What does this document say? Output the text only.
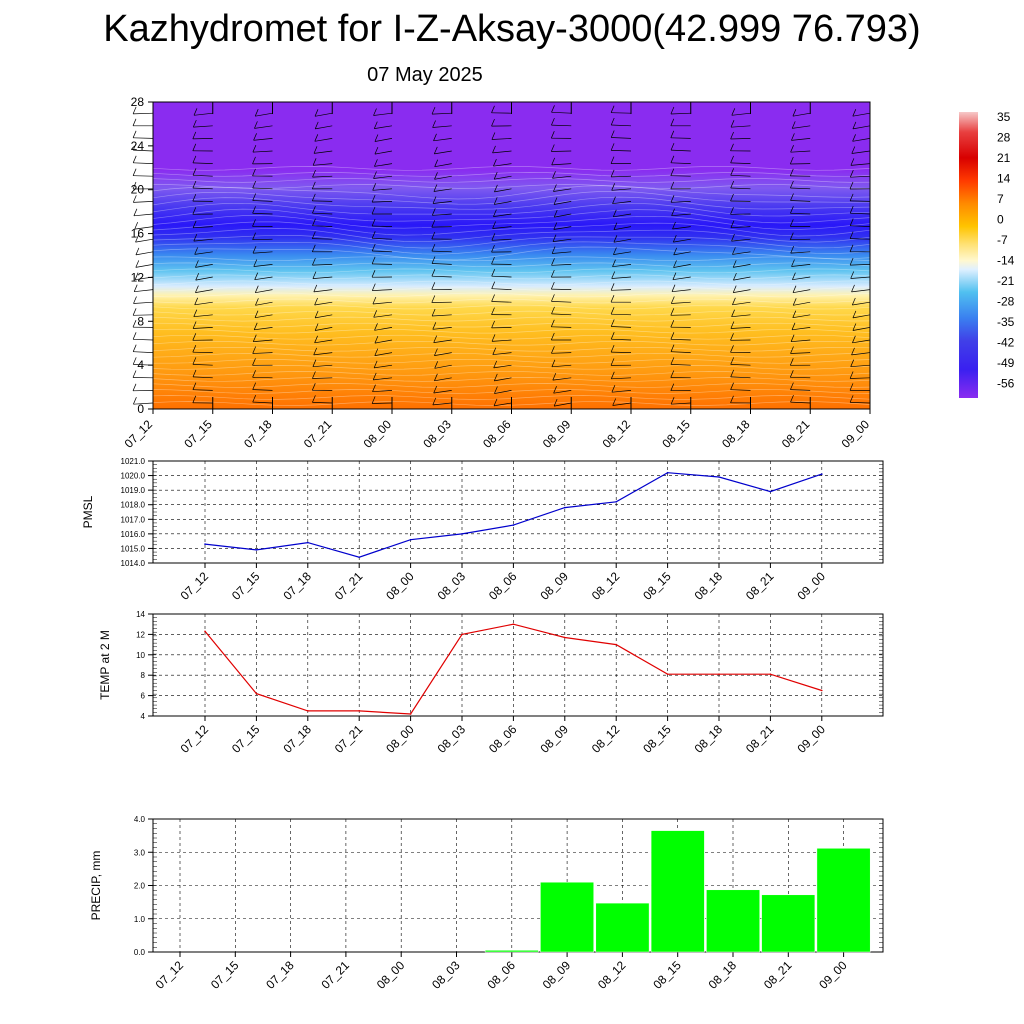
Kazhydromet for I-Z-Aksay-3000(42.999 76.793)
07 May 2025
0
4
8
12
16
20
24
28
07_12 07_15 07_18 07_21 08_00 08_03 08_06 08_09 08_12 08_15 08_18 08_21 09_00
35
28
21
14
7
0
-7
-14
-21
-28
-35
-42
-49
-56
1014.0
1015.0
1016.0
1017.0
1018.0
1019.0
1020.0
1021.0
07_12 07_15 07_18 07_21 08_00 08_03 08_06 08_09 08_12 08_15 08_18 08_21 09_00
PMSL
4
6
8
10
12
14
07_12 07_15 07_18 07_21 08_00 08_03 08_06 08_09 08_12 08_15 08_18 08_21 09_00
TEMP at 2 M
0.0
1.0
2.0
3.0
4.0
07_12 07_15 07_18 07_21 08_00 08_03 08_06 08_09 08_12 08_15 08_18 08_21 09_00
PRECIP, mm
